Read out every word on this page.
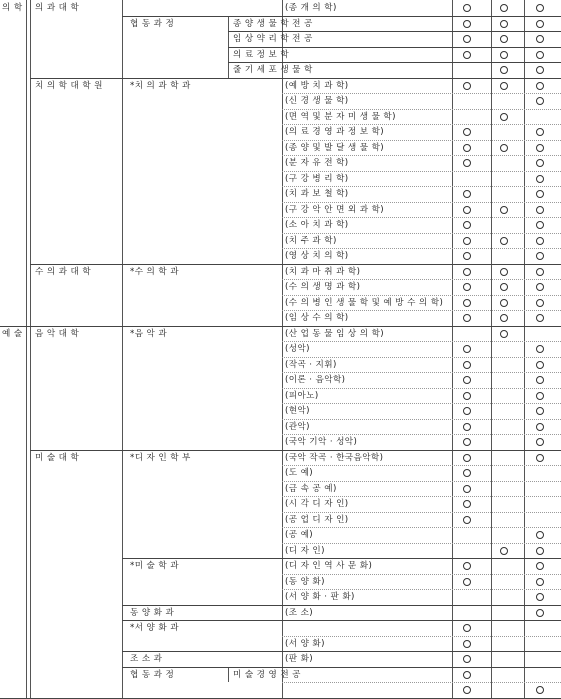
의 학
예 술
의 과 대 학
치 의 학 대 학 원
수 의 과 대 학
음 악 대 학
미 술 대 학
협 동 과 정
*치 의 과 학 과
*수 의 학 과
*음 악 과
*디 자 인 학 부
*미 술 학 과
동 양 화 과
*서 양 화 과
조 소 과
협 동 과 정
종 양 생 물 학 전 공
임 상 약 리 학 전 공
의 료 정 보 학
줄 기 세 포 생 물 학
미 술 경 영 전 공
(종 개 의 학)
(예 방 치 과 학)
(신 경 생 물 학)
(면 역 및 분 자 미 생 물 학)
(의 료 경 영 과 정 보 학)
(종 양 및 발 달 생 물 학)
(분 자 유 전 학)
(구 강 병 리 학)
(치 과 보 철 학)
(구 강 악 안 면 외 과 학)
(소 아 치 과 학)
(치 주 과 학)
(영 상 치 의 학)
(치 과 마 취 과 학)
(수 의 생 명 과 학)
(수 의 병 인 생 물 학 및 예 방 수 의 학)
(임 상 수 의 학)
(산 업 동 물 임 상 의 학)
(성악)
(작곡 · 지휘)
(이론 · 음악학)
(피아노)
(현악)
(관악)
(국악 기악 · 성악)
(국악 작곡 · 한국음악학)
(도 예)
(금 속 공 예)
(시 각 디 자 인)
(공 업 디 자 인)
(공 예)
(디 자 인)
(디 자 인 역 사 문 화)
(동 양 화)
(서 양 화 · 판 화)
(조 소)
(서 양 화)
(판 화)
